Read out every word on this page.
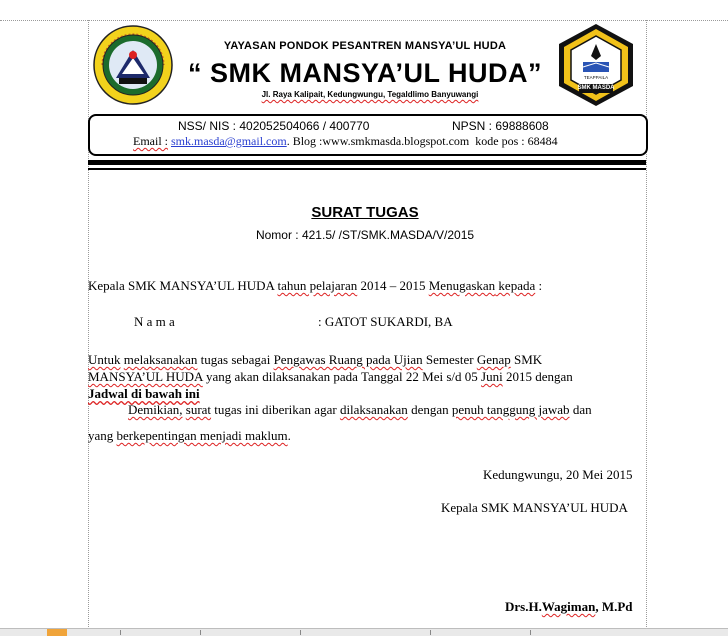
SMK MASDA
TEAPPAILA
YAYASAN PONDOK PESANTREN MANSYA’UL HUDA
“ SMK MANSYA’UL HUDA”
Jl. Raya Kalipait, Kedungwungu, Tegaldlimo Banyuwangi
NSS/ NIS : 402052504066 / 400770	NPSN : 69888608
Email : smk.masda@gmail.com. Blog :www.smkmasda.blogspot.com kode pos : 68484
SURAT TUGAS
Nomor : 421.5/ /ST/SMK.MASDA/V/2015
Kepala SMK MANSYA’UL HUDA tahun pelajaran 2014 – 2015 Menugaskan kepada :
N a m a	: GATOT SUKARDI, BA
Untuk melaksanakan tugas sebagai Pengawas Ruang pada Ujian Semester Genap SMK
MANSYA’UL HUDA yang akan dilaksanakan pada Tanggal 22 Mei s/d 05 Juni 2015 dengan
Jadwal di bawah ini
Demikian, surat tugas ini diberikan agar dilaksanakan dengan penuh tanggung jawab dan
yang berkepentingan menjadi maklum.
Kedungwungu, 20 Mei 2015
Kepala SMK MANSYA’UL HUDA
Drs.H.Wagiman, M.Pd
